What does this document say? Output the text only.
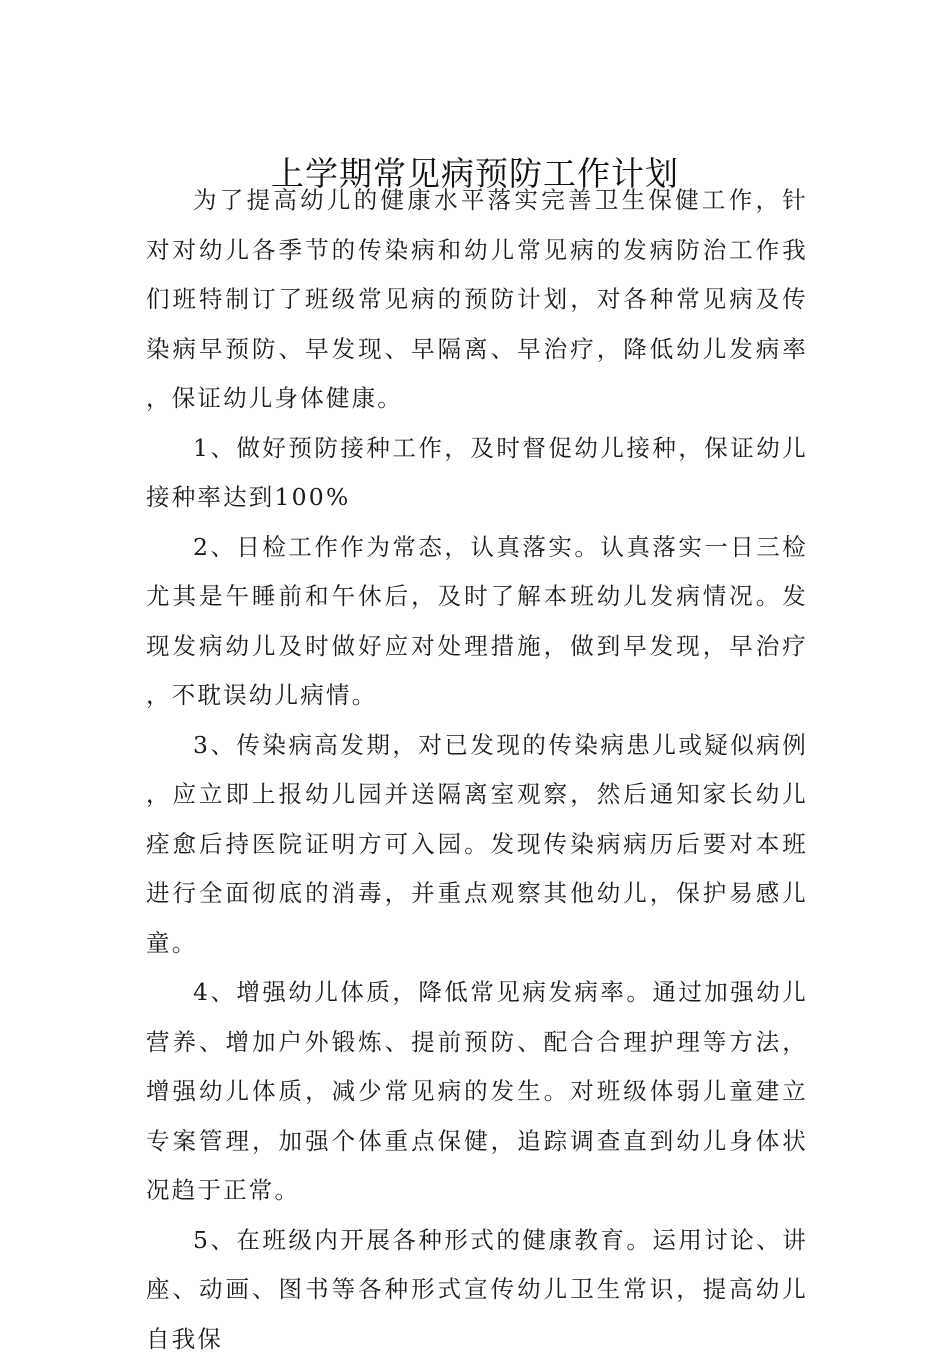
上学期常见病预防工作计划

为了提高幼儿的健康水平落实完善卫生保健工作，针对对幼儿各季节的传染病和幼儿常见病的发病防治工作我们班特制订了班级常见病的预防计划，对各种常见病及传染病早预防、早发现、早隔离、早治疗，降低幼儿发病率，保证幼儿身体健康。

1、做好预防接种工作，及时督促幼儿接种，保证幼儿接种率达到100%

2、日检工作作为常态，认真落实。认真落实一日三检尤其是午睡前和午休后，及时了解本班幼儿发病情况。发现发病幼儿及时做好应对处理措施，做到早发现，早治疗，不耽误幼儿病情。

3、传染病高发期，对已发现的传染病患儿或疑似病例，应立即上报幼儿园并送隔离室观察，然后通知家长幼儿痊愈后持医院证明方可入园。发现传染病病历后要对本班进行全面彻底的消毒，并重点观察其他幼儿，保护易感儿童。

4、增强幼儿体质，降低常见病发病率。通过加强幼儿营养、增加户外锻炼、提前预防、配合合理护理等方法，增强幼儿体质，减少常见病的发生。对班级体弱儿童建立专案管理，加强个体重点保健，追踪调查直到幼儿身体状况趋于正常。

5、在班级内开展各种形式的健康教育。运用讨论、讲座、动画、图书等各种形式宣传幼儿卫生常识，提高幼儿自我保
